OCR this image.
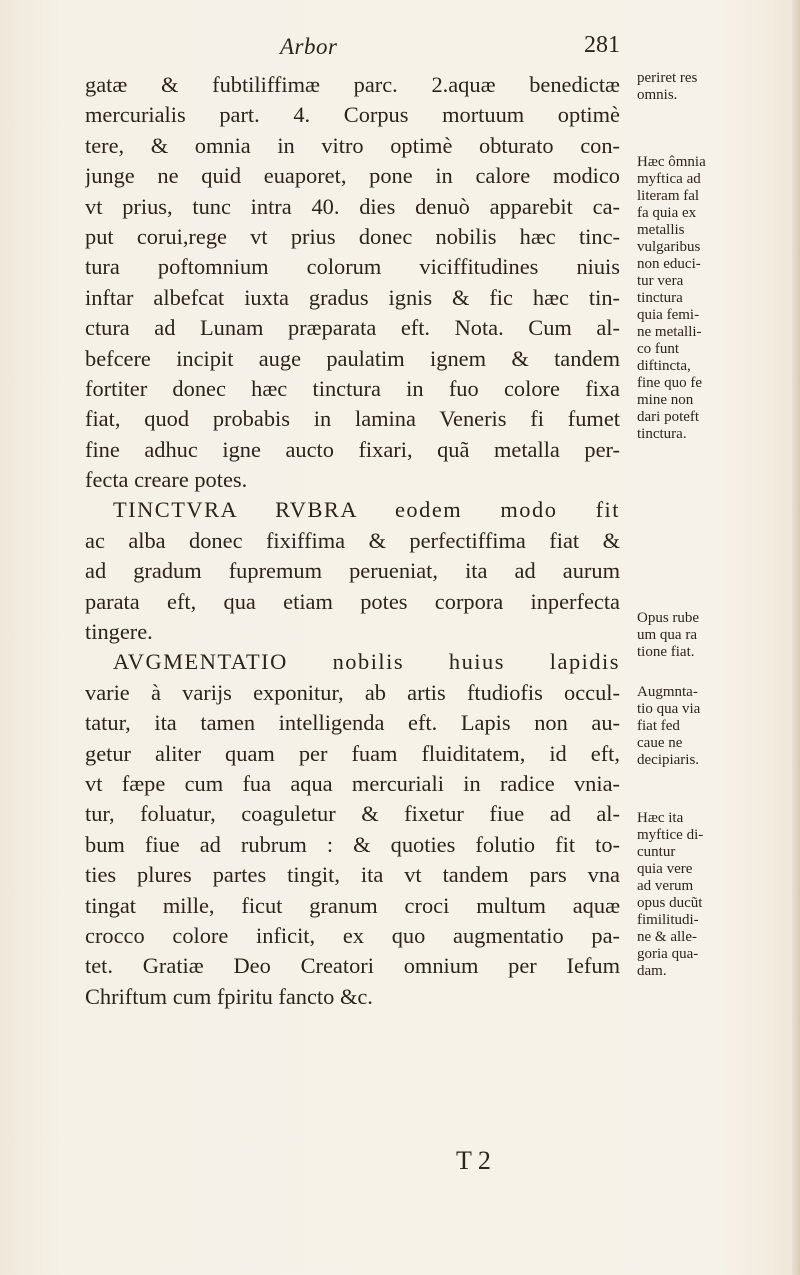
Arbor	281
gatæ & fubtiliffimæ parc. 2.aquæ benedictæ
mercurialis part. 4. Corpus mortuum optimè
tere, & omnia in vitro optimè obturato con-
junge ne quid euaporet, pone in calore modico
vt prius, tunc intra 40. dies denuò apparebit ca-
put corui,rege vt prius donec nobilis hæc tinc-
tura poftomnium colorum viciffitudines niuis
inftar albefcat iuxta gradus ignis & fic hæc tin-
ctura ad Lunam præparata eft. Nota. Cum al-
befcere incipit auge paulatim ignem & tandem
fortiter donec hæc tinctura in fuo colore fixa
fiat, quod probabis in lamina Veneris fi fumet
fine adhuc igne aucto fixari, quã metalla per-
fecta creare potes.
TINCTVRA RVBRA eodem modo fit
ac alba donec fixiffima & perfectiffima fiat &
ad gradum fupremum perueniat, ita ad aurum
parata eft, qua etiam potes corpora inperfecta
tingere.
AVGMENTATIO nobilis huius lapidis
varie à varijs exponitur, ab artis ftudiofis occul-
tatur, ita tamen intelligenda eft. Lapis non au-
getur aliter quam per fuam fluiditatem, id eft,
vt fæpe cum fua aqua mercuriali in radice vnia-
tur, foluatur, coaguletur & fixetur fiue ad al-
bum fiue ad rubrum : & quoties folutio fit to-
ties plures partes tingit, ita vt tandem pars vna
tingat mille, ficut granum croci multum aquæ
crocco colore inficit, ex quo augmentatio pa-
tet. Gratiæ Deo Creatori omnium per Iefum
Chriftum cum fpiritu fancto &c.
periret res
omnis.
Hæc ômnia
myftica ad
literam fal
fa quia ex
metallis
vulgaribus
non educi-
tur vera
tinctura
quia femi-
ne metalli-
co funt
diftincta,
fine quo fe
mine non
dari poteft
tinctura.
Opus rube
um qua ra
tione fiat.
Augmnta-
tio qua via
fiat fed
caue ne
decipiaris.
Hæc ita
myftice di-
cuntur
quia vere
ad verum
opus ducũt
fimilitudi-
ne & alle-
goria qua-
dam.
T 2
